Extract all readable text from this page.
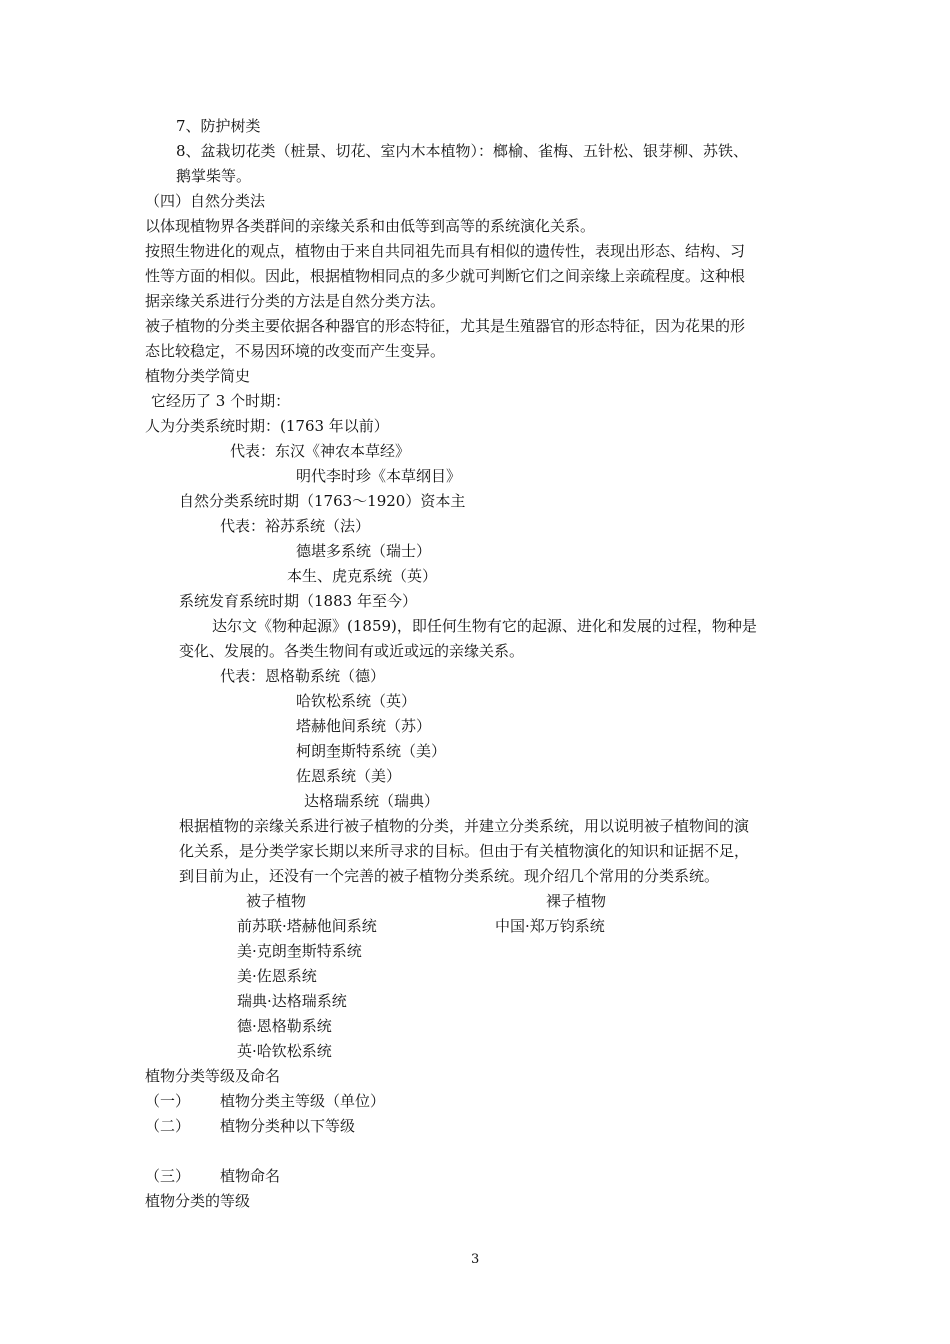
7、防护树类
8、盆栽切花类（桩景、切花、室内木本植物）：榔榆、雀梅、五针松、银芽柳、苏铁、
鹅掌柴等。
（四）自然分类法
以体现植物界各类群间的亲缘关系和由低等到高等的系统演化关系。
按照生物进化的观点，植物由于来自共同祖先而具有相似的遗传性，表现出形态、结构、习
性等方面的相似。因此，根据植物相同点的多少就可判断它们之间亲缘上亲疏程度。这种根
据亲缘关系进行分类的方法是自然分类方法。
被子植物的分类主要依据各种器官的形态特征，尤其是生殖器官的形态特征，因为花果的形
态比较稳定，不易因环境的改变而产生变异。
植物分类学简史
它经历了 3 个时期：
人为分类系统时期：(1763 年以前）
代表：东汉《神农本草经》
明代李时珍《本草纲目》
自然分类系统时期（1763～1920）资本主
代表：裕苏系统（法）
德堪多系统（瑞士）
本生、虎克系统（英）
系统发育系统时期（1883 年至今）
达尔文《物种起源》(1859)，即任何生物有它的起源、进化和发展的过程，物种是
变化、发展的。各类生物间有或近或远的亲缘关系。
代表：恩格勒系统（德）
哈钦松系统（英）
塔赫他间系统（苏）
柯朗奎斯特系统（美）
佐恩系统（美）
达格瑞系统（瑞典）
根据植物的亲缘关系进行被子植物的分类，并建立分类系统，用以说明被子植物间的演
化关系，是分类学家长期以来所寻求的目标。但由于有关植物演化的知识和证据不足，
到目前为止，还没有一个完善的被子植物分类系统。现介绍几个常用的分类系统。
被子植物	裸子植物
前苏联·塔赫他间系统	中国·郑万钧系统
美·克朗奎斯特系统
美·佐恩系统
瑞典·达格瑞系统
德·恩格勒系统
英·哈钦松系统
植物分类等级及命名
（一） 植物分类主等级（单位）
（二） 植物分类种以下等级
（三） 植物命名
植物分类的等级
3
